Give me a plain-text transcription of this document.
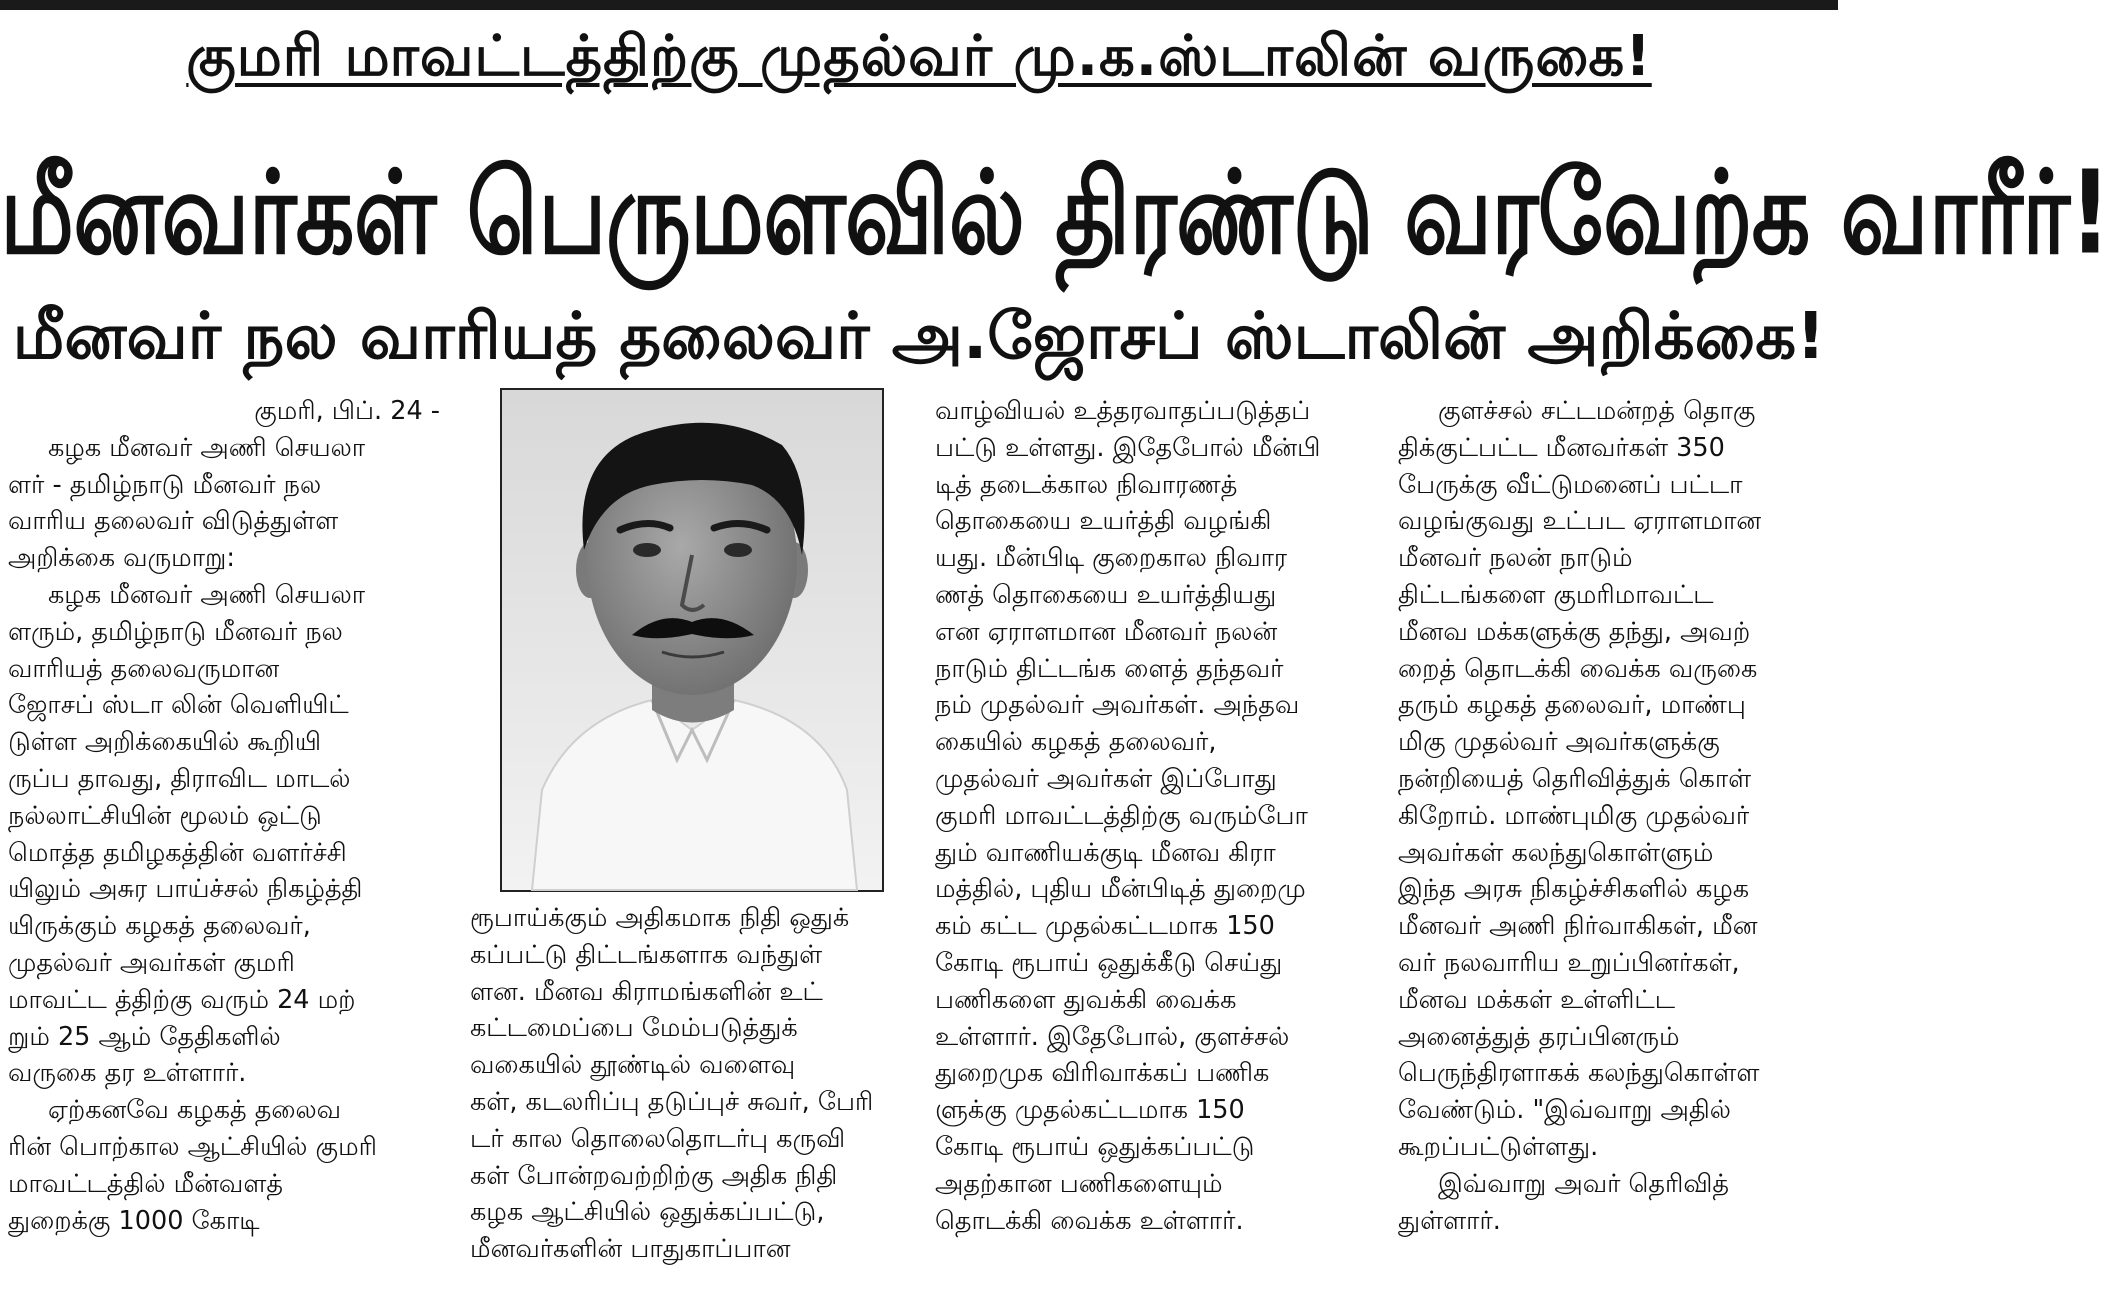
குமரி மாவட்டத்திற்கு முதல்வர் மு.க.ஸ்டாலின் வருகை!
மீனவர்கள் பெருமளவில் திரண்டு வரவேற்க வாரீர்!
மீனவர் நல வாரியத் தலைவர் அ.ஜோசப் ஸ்டாலின் அறிக்கை!

குமரி, பிப். 24 -

கழக மீனவர் அணி செயலா

ளர் - தமிழ்நாடு மீனவர் நல

வாரிய தலைவர் விடுத்துள்ள

அறிக்கை வருமாறு:

கழக மீனவர் அணி செயலா

ளரும், தமிழ்நாடு மீனவர் நல

வாரியத் தலைவருமான

ஜோசப் ஸ்டா லின் வெளியிட்

டுள்ள அறிக்கையில் கூறியி

ருப்ப தாவது, திராவிட மாடல்

நல்லாட்சியின் மூலம் ஒட்டு

மொத்த தமிழகத்தின் வளர்ச்சி

யிலும் அசுர பாய்ச்சல் நிகழ்த்தி

யிருக்கும் கழகத் தலைவர்,

முதல்வர் அவர்கள் குமரி

மாவட்ட த்திற்கு வரும் 24 மற்

றும் 25 ஆம் தேதிகளில்

வருகை தர உள்ளார்.

ஏற்கனவே கழகத் தலைவ

ரின் பொற்கால ஆட்சியில் குமரி

மாவட்டத்தில் மீன்வளத்

துறைக்கு 1000 கோடி

ரூபாய்க்கும் அதிகமாக நிதி ஒதுக்

கப்பட்டு திட்டங்களாக வந்துள்

ளன. மீனவ கிராமங்களின் உட்

கட்டமைப்பை மேம்படுத்துக்

வகையில் தூண்டில் வளைவு

கள், கடலரிப்பு தடுப்புச் சுவர், பேரி

டர் கால தொலைதொடர்பு கருவி

கள் போன்றவற்றிற்கு அதிக நிதி

கழக ஆட்சியில் ஒதுக்கப்பட்டு,

மீனவர்களின் பாதுகாப்பான

வாழ்வியல் உத்தரவாதப்படுத்தப்

பட்டு உள்ளது. இதேபோல் மீன்பி

டித் தடைக்கால நிவாரணத்

தொகையை உயர்த்தி வழங்கி

யது. மீன்பிடி குறைகால நிவார

ணத் தொகையை உயர்த்தியது

என ஏராளமான மீனவர் நலன்

நாடும் திட்டங்க ளைத் தந்தவர்

நம் முதல்வர் அவர்கள். அந்தவ

கையில் கழகத் தலைவர்,

முதல்வர் அவர்கள் இப்போது

குமரி மாவட்டத்திற்கு வரும்போ

தும் வாணியக்குடி மீனவ கிரா

மத்தில், புதிய மீன்பிடித் துறைமு

கம் கட்ட முதல்கட்டமாக 150

கோடி ரூபாய் ஒதுக்கீடு செய்து

பணிகளை துவக்கி வைக்க

உள்ளார். இதேபோல், குளச்சல்

துறைமுக விரிவாக்கப் பணிக

ளுக்கு முதல்கட்டமாக 150

கோடி ரூபாய் ஒதுக்கப்பட்டு

அதற்கான பணிகளையும்

தொடக்கி வைக்க உள்ளார்.

குளச்சல் சட்டமன்றத் தொகு

திக்குட்பட்ட மீனவர்கள் 350

பேருக்கு வீட்டுமனைப் பட்டா

வழங்குவது உட்பட ஏராளமான

மீனவர் நலன் நாடும்

திட்டங்களை குமரிமாவட்ட

மீனவ மக்களுக்கு தந்து, அவற்

றைத் தொடக்கி வைக்க வருகை

தரும் கழகத் தலைவர், மாண்பு

மிகு முதல்வர் அவர்களுக்கு

நன்றியைத் தெரிவித்துக் கொள்

கிறோம். மாண்புமிகு முதல்வர்

அவர்கள் கலந்துகொள்ளும்

இந்த அரசு நிகழ்ச்சிகளில் கழக

மீனவர் அணி நிர்வாகிகள், மீன

வர் நலவாரிய உறுப்பினர்கள்,

மீனவ மக்கள் உள்ளிட்ட

அனைத்துத் தரப்பினரும்

பெருந்திரளாகக் கலந்துகொள்ள

வேண்டும். "இவ்வாறு அதில்

கூறப்பட்டுள்ளது.

இவ்வாறு அவர் தெரிவித்

துள்ளார்.
